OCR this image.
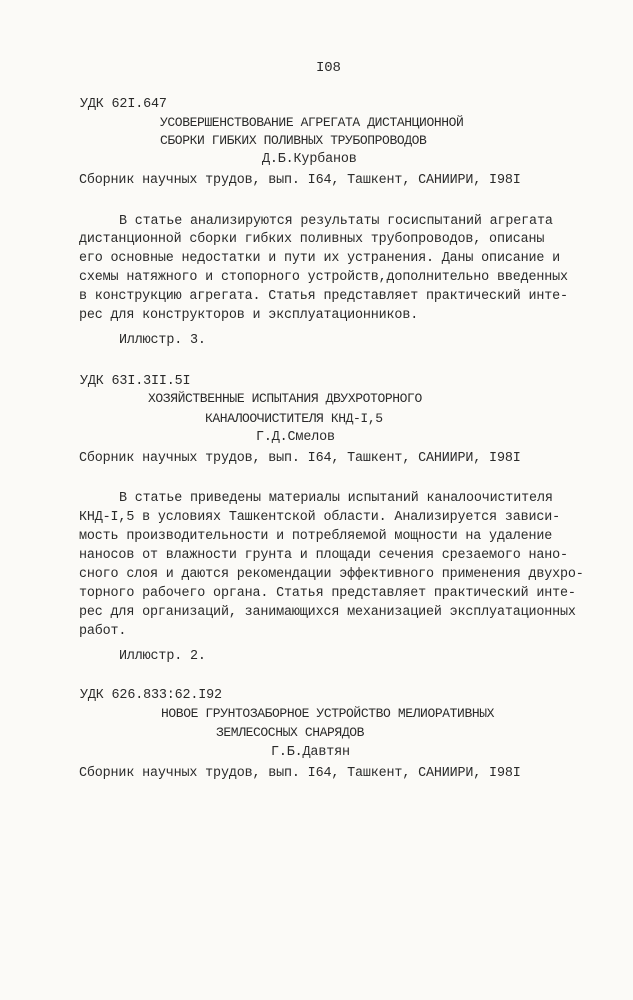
I08
УДК 62I.647
УСОВЕРШЕНСТВОВАНИЕ АГРЕГАТА ДИСТАНЦИОННОЙ
СБОРКИ ГИБКИХ ПОЛИВНЫХ ТРУБОПРОВОДОВ
Д.Б.Курбанов
Сборник научных трудов, вып. I64, Ташкент, САНИИРИ, I98I
В статье анализируются результаты госиспытаний агрегата
дистанционной сборки гибких поливных трубопроводов, описаны
его основные недостатки и пути их устранения. Даны описание и
схемы натяжного и стопорного устройств,дополнительно введенных
в конструкцию агрегата. Статья представляет практический инте-
рес для конструкторов и эксплуатационников.
Иллюстр. 3.
УДК 63I.3II.5I
ХОЗЯЙСТВЕННЫЕ ИСПЫТАНИЯ ДВУХРОТОРНОГО
КАНАЛООЧИСТИТЕЛЯ КНД-I,5
Г.Д.Смелов
Сборник научных трудов, вып. I64, Ташкент, САНИИРИ, I98I
В статье приведены материалы испытаний каналоочистителя
КНД-I,5 в условиях Ташкентской области. Анализируется зависи-
мость производительности и потребляемой мощности на удаление
наносов от влажности грунта и площади сечения срезаемого нано-
сного слоя и даются рекомендации эффективного применения двухро-
торного рабочего органа. Статья представляет практический инте-
рес для организаций, занимающихся механизацией эксплуатационных
работ.
Иллюстр. 2.
УДК 626.833:62.I92
НОВОЕ ГРУНТОЗАБОРНОЕ УСТРОЙСТВО МЕЛИОРАТИВНЫХ
ЗЕМЛЕСОСНЫХ СНАРЯДОВ
Г.Б.Давтян
Сборник научных трудов, вып. I64, Ташкент, САНИИРИ, I98I
